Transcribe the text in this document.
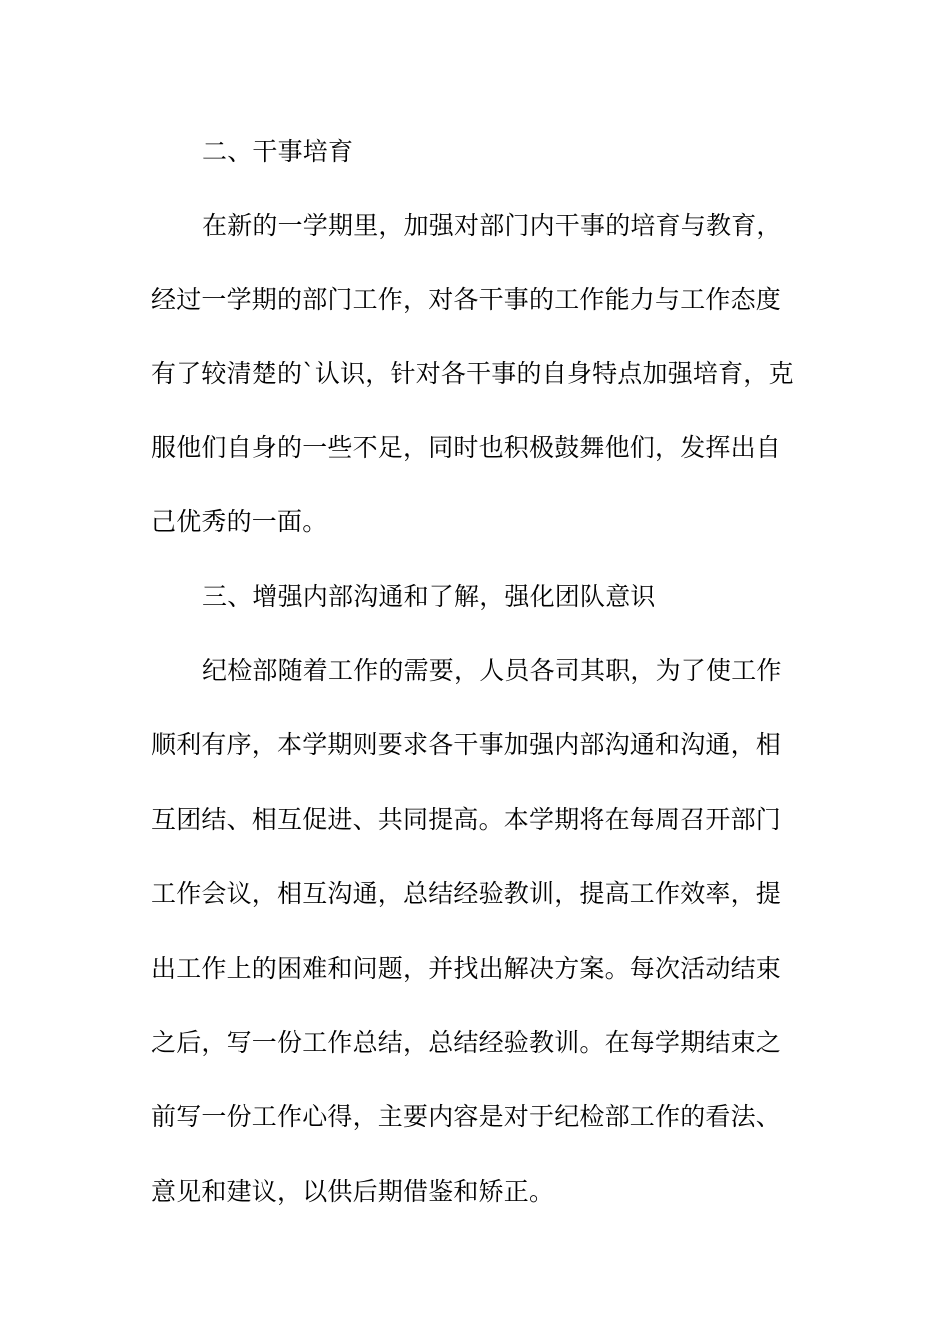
二、干事培育
在新的一学期里，加强对部门内干事的培育与教育，
经过一学期的部门工作，对各干事的工作能力与工作态度
有了较清楚的`认识，针对各干事的自身特点加强培育，克
服他们自身的一些不足，同时也积极鼓舞他们，发挥出自
己优秀的一面。
三、增强内部沟通和了解，强化团队意识
纪检部随着工作的需要，人员各司其职，为了使工作
顺利有序，本学期则要求各干事加强内部沟通和沟通，相
互团结、相互促进、共同提高。本学期将在每周召开部门
工作会议，相互沟通，总结经验教训，提高工作效率，提
出工作上的困难和问题，并找出解决方案。每次活动结束
之后，写一份工作总结，总结经验教训。在每学期结束之
前写一份工作心得，主要内容是对于纪检部工作的看法、
意见和建议，以供后期借鉴和矫正。
